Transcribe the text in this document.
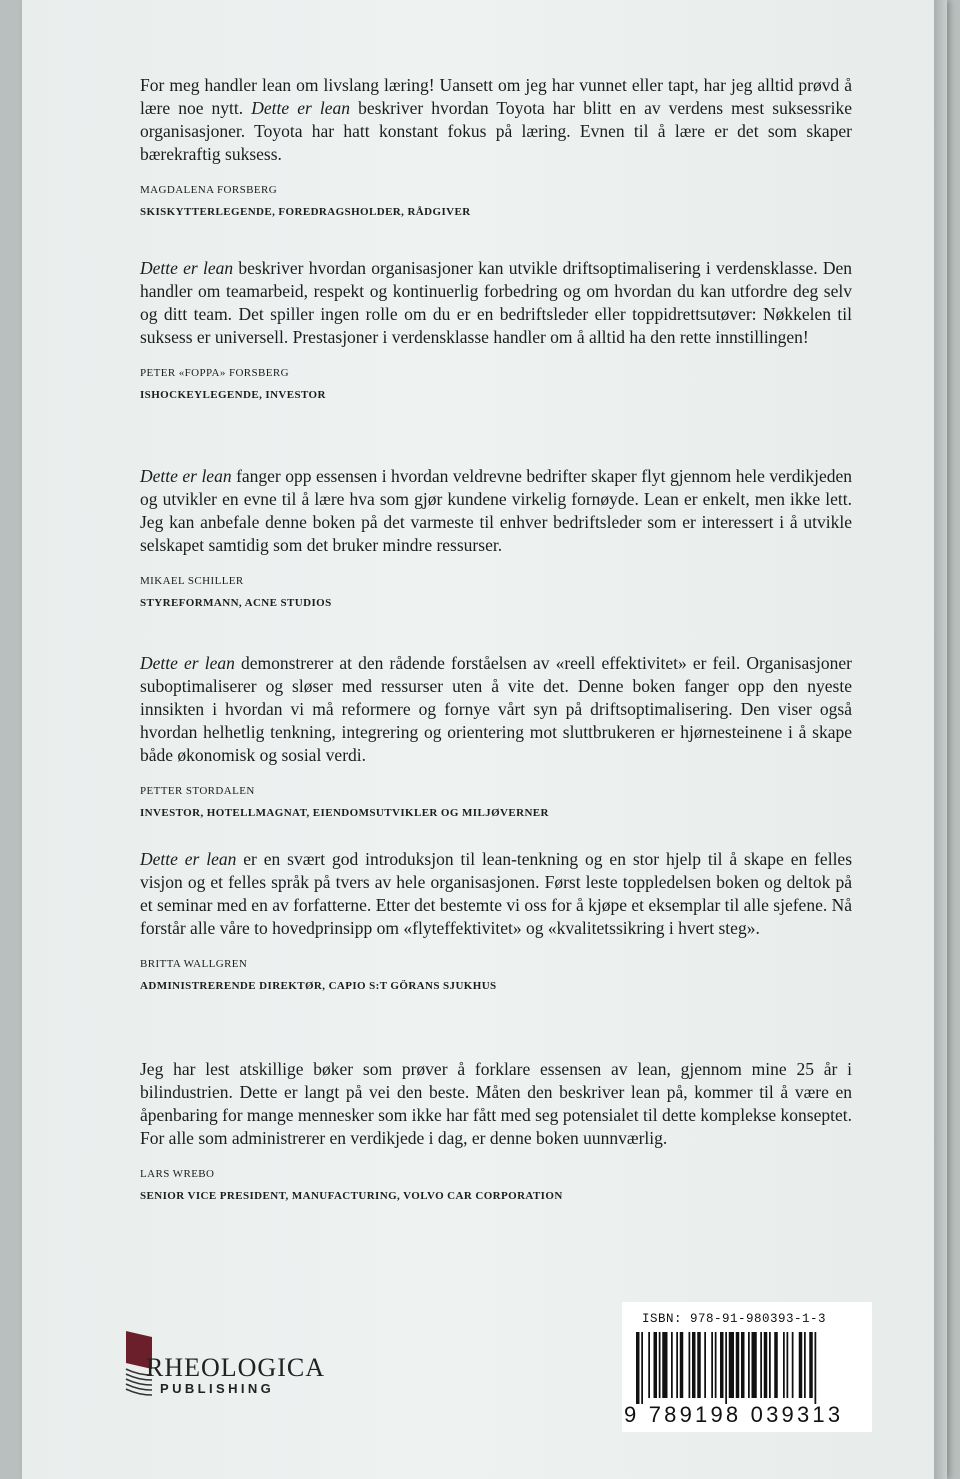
For meg handler lean om livslang læring! Uansett om jeg har vunnet eller tapt, har jeg alltid prøvd å lære noe nytt. Dette er lean beskriver hvordan Toyota har blitt en av verdens mest suksessrike organisasjoner. Toyota har hatt konstant fokus på læring. Evnen til å lære er det som skaper bærekraftig suksess.

MAGDALENA FORSBERG
SKISKYTTERLEGENDE, FOREDRAGSHOLDER, RÅDGIVER

Dette er lean beskriver hvordan organisasjoner kan utvikle driftsoptimalisering i verdensklasse. Den handler om teamarbeid, respekt og kontinuerlig forbedring og om hvordan du kan utfordre deg selv og ditt team. Det spiller ingen rolle om du er en bedriftsleder eller toppidrettsutøver: Nøkkelen til suksess er universell. Prestasjoner i verdensklasse handler om å alltid ha den rette innstillingen!

PETER «FOPPA» FORSBERG
ISHOCKEYLEGENDE, INVESTOR

Dette er lean fanger opp essensen i hvordan veldrevne bedrifter skaper flyt gjennom hele verdikjeden og utvikler en evne til å lære hva som gjør kundene virkelig fornøyde. Lean er enkelt, men ikke lett. Jeg kan anbefale denne boken på det varmeste til enhver bedriftsleder som er interessert i å utvikle selskapet samtidig som det bruker mindre ressurser.

MIKAEL SCHILLER
STYREFORMANN, ACNE STUDIOS

Dette er lean demonstrerer at den rådende forståelsen av «reell effektivitet» er feil. Organisasjoner suboptimaliserer og sløser med ressurser uten å vite det. Denne boken fanger opp den nyeste innsikten i hvordan vi må reformere og fornye vårt syn på driftsoptimalisering. Den viser også hvordan helhetlig tenkning, integrering og orientering mot sluttbrukeren er hjørnesteinene i å skape både økonomisk og sosial verdi.

PETTER STORDALEN
INVESTOR, HOTELLMAGNAT, EIENDOMSUTVIKLER OG MILJØVERNER

Dette er lean er en svært god introduksjon til lean-tenkning og en stor hjelp til å skape en felles visjon og et felles språk på tvers av hele organisasjonen. Først leste toppledelsen boken og deltok på et seminar med en av forfatterne. Etter det bestemte vi oss for å kjøpe et eksemplar til alle sjefene. Nå forstår alle våre to hovedprinsipp om «flyteffektivitet» og «kvalitetssikring i hvert steg».

BRITTA WALLGREN
ADMINISTRERENDE DIREKTØR, CAPIO S:T GÖRANS SJUKHUS

Jeg har lest atskillige bøker som prøver å forklare essensen av lean, gjennom mine 25 år i bilindustrien. Dette er langt på vei den beste. Måten den beskriver lean på, kommer til å være en åpenbaring for mange mennesker som ikke har fått med seg potensialet til dette komplekse konseptet. For alle som administrerer en verdikjede i dag, er denne boken uunnværlig.

LARS WREBO
SENIOR VICE PRESIDENT, MANUFACTURING, VOLVO CAR CORPORATION
RHEOLOGICA
PUBLISHING
ISBN: 978-91-980393-1-3
9 789198 039313
